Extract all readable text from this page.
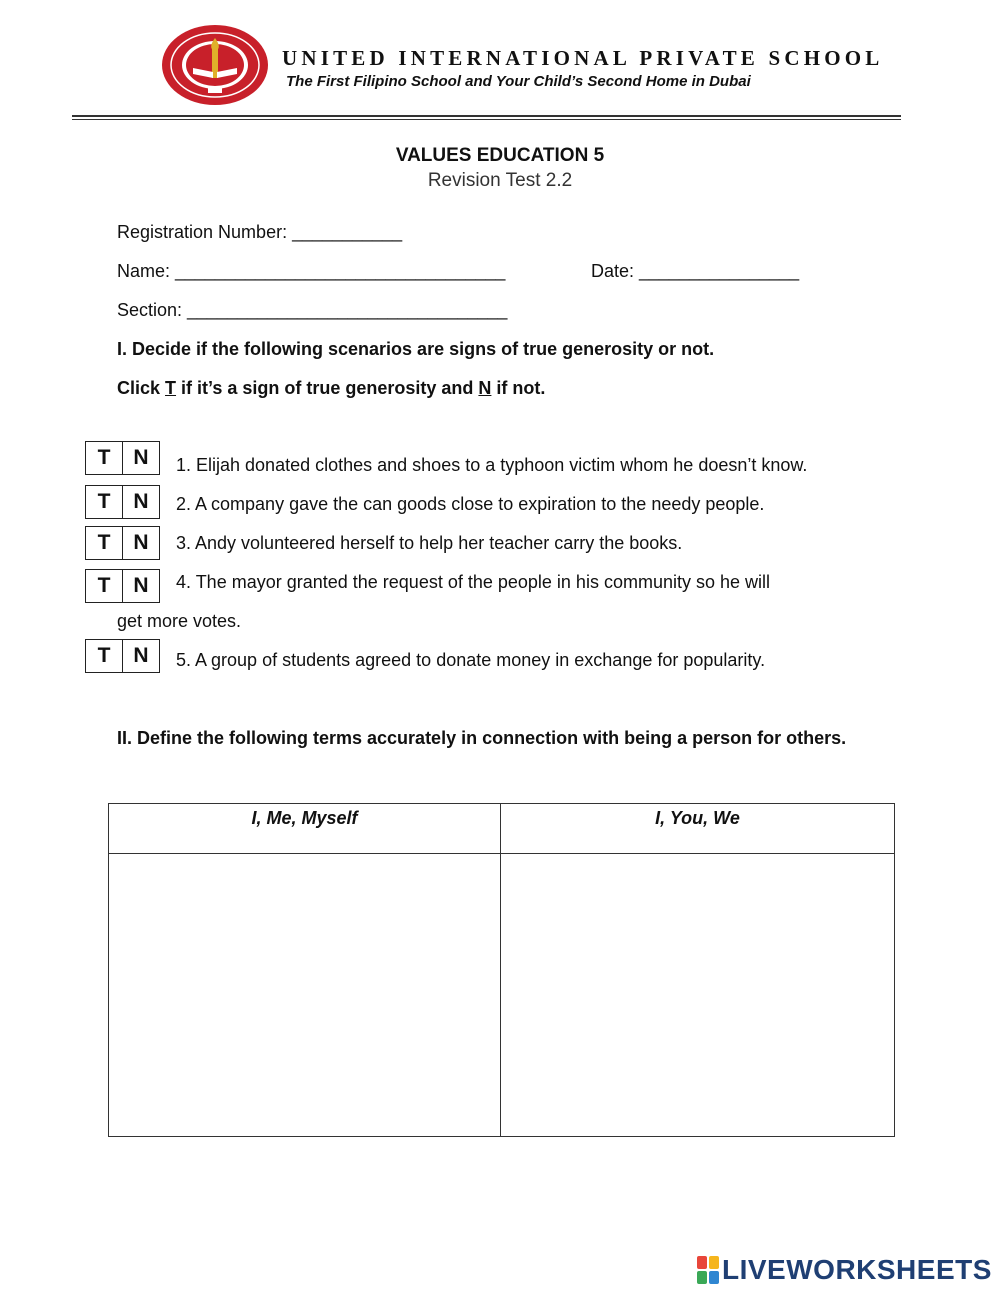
UNITED INTERNATIONAL PRIVATE SCHOOL
The First Filipino School and Your Child’s Second Home in Dubai
VALUES EDUCATION 5
Revision Test 2.2
Registration Number: ___________
Name: _________________________________	Date: ________________
Section: ________________________________
I. Decide if the following scenarios are signs of true generosity or not.
Click T if it’s a sign of true generosity and N if not.
T	N	1. Elijah donated clothes and shoes to a typhoon victim whom he doesn’t know.
T	N	2. A company gave the can goods close to expiration to the needy people.
T	N	3. Andy volunteered herself to help her teacher carry the books.
T	N	4. The mayor granted the request of the people in his community so he will
get more votes.
T	N	5. A group of students agreed to donate money in exchange for popularity.
II. Define the following terms accurately in connection with being a person for others.
I, Me, Myself	I, You, We
LIVEWORKSHEETS
